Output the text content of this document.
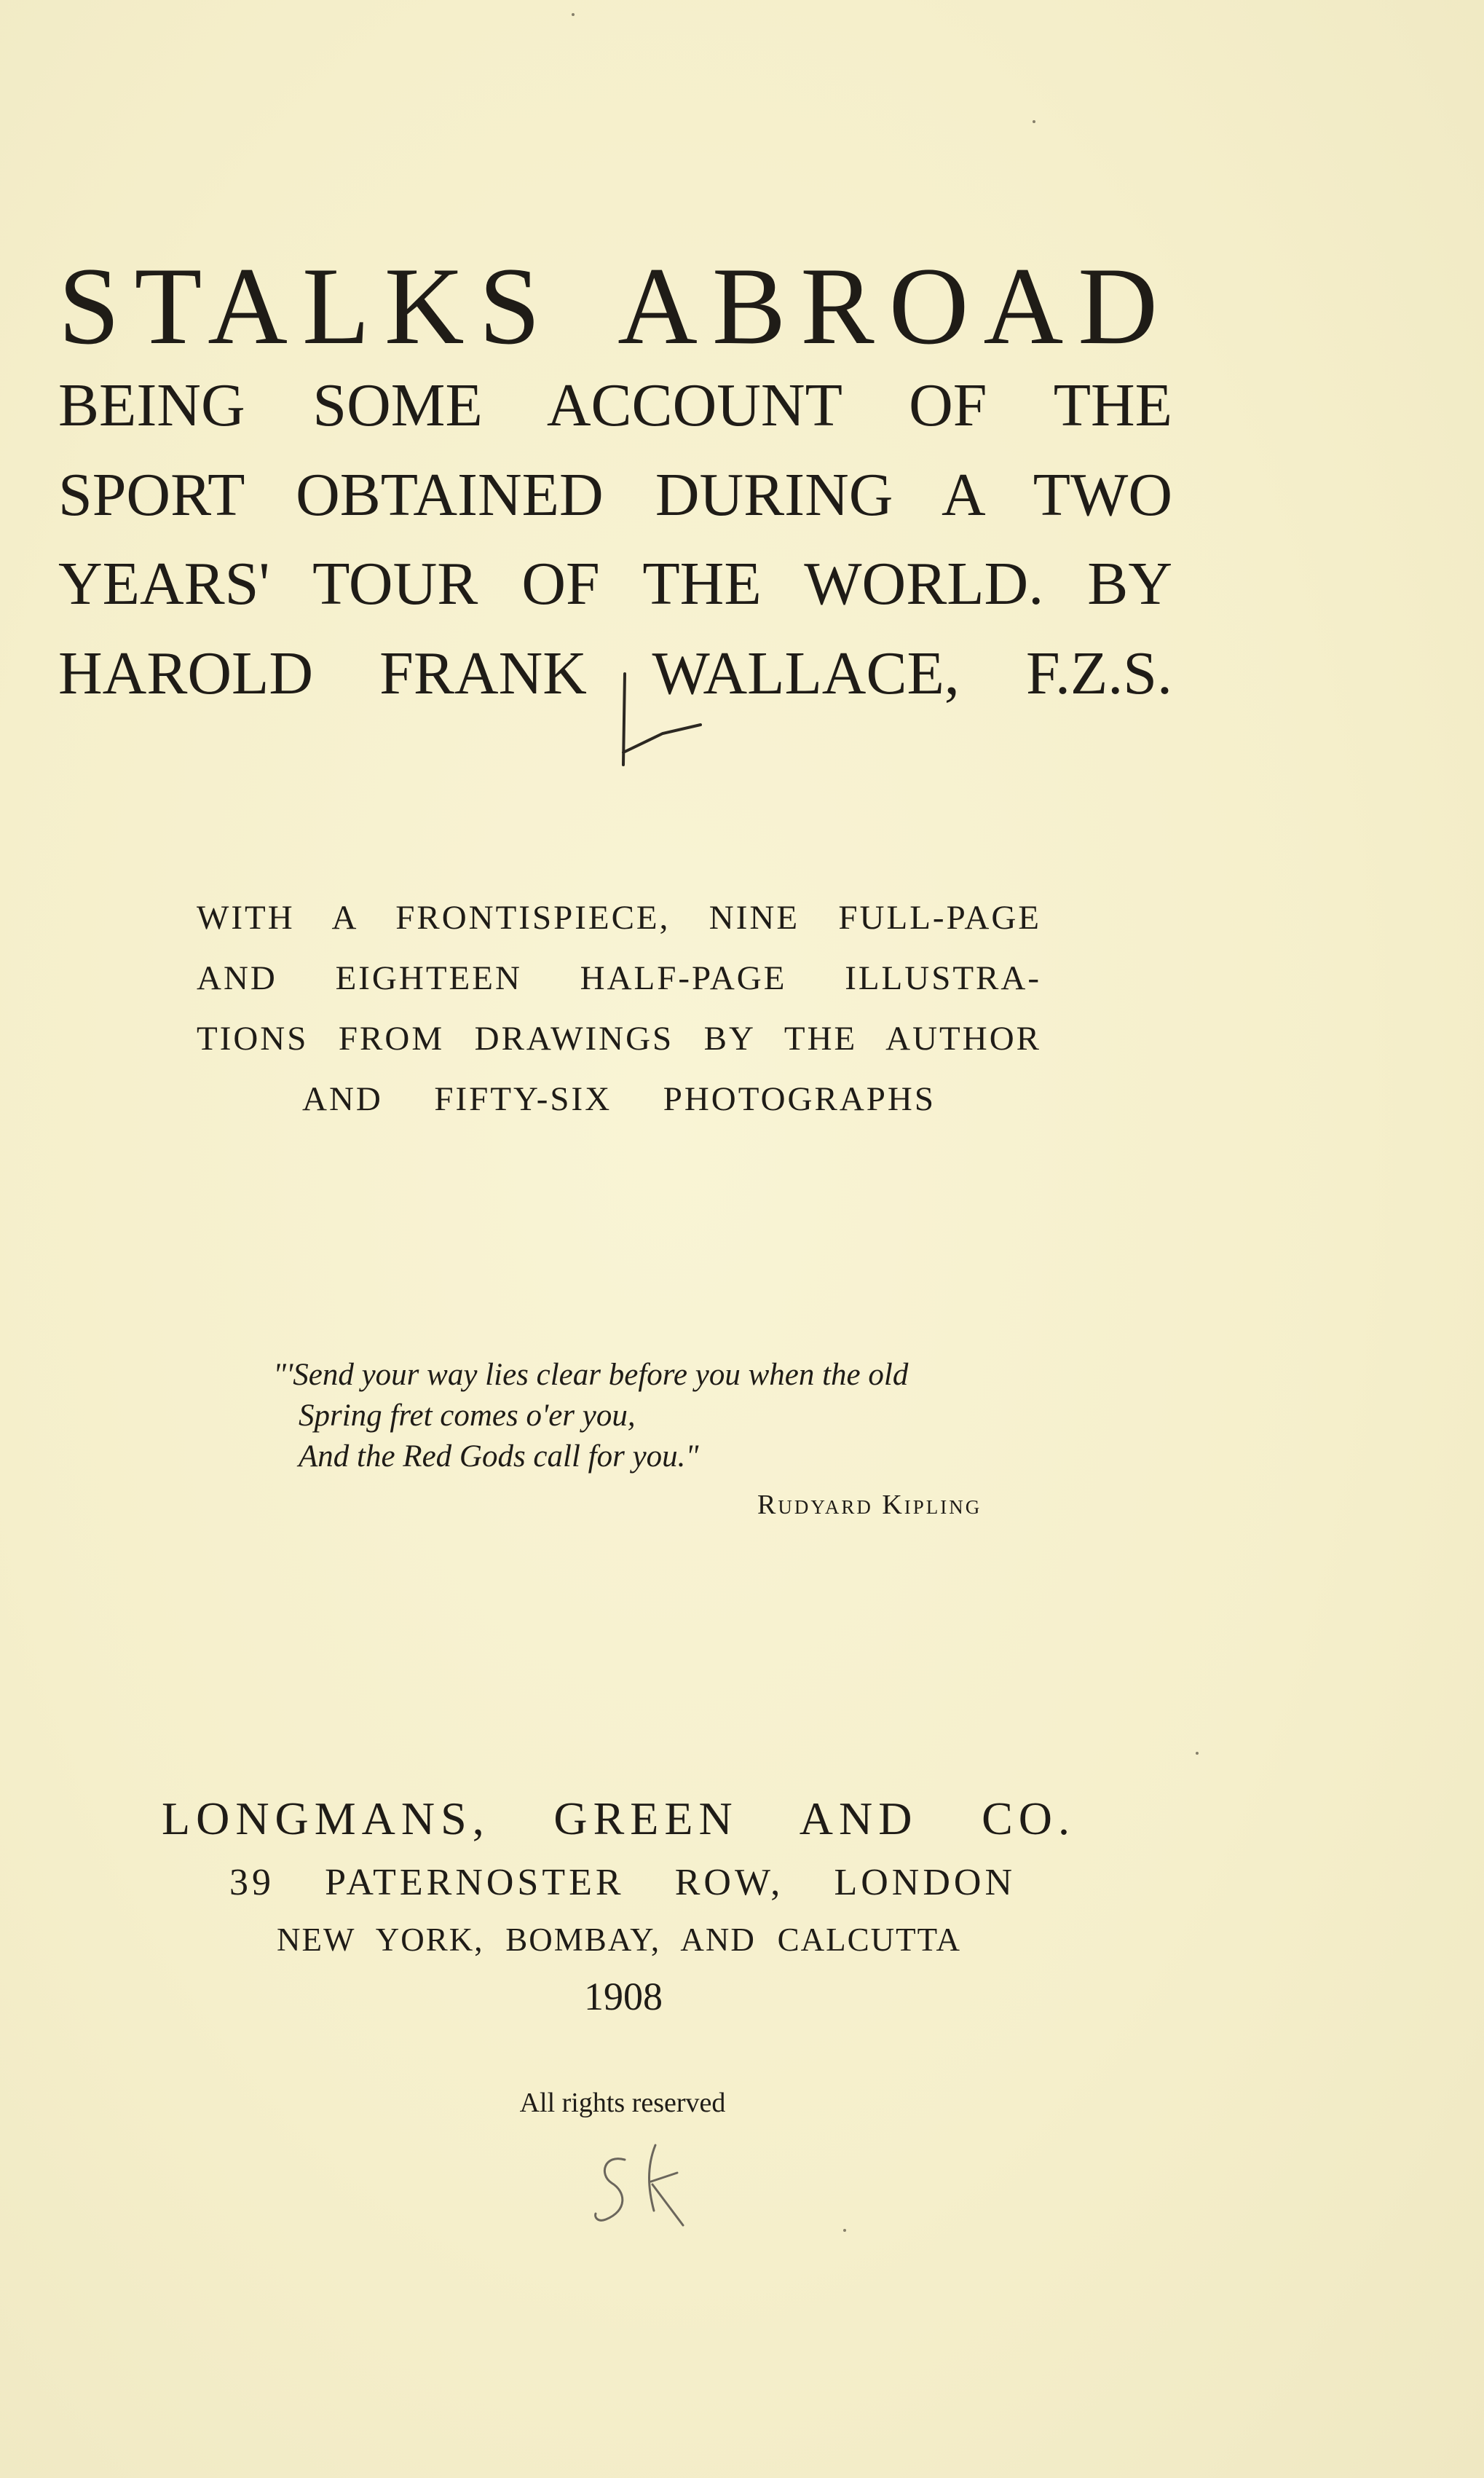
STALKS ABROAD
BEING SOME ACCOUNT OF THE
SPORT OBTAINED DURING A TWO
YEARS' TOUR OF THE WORLD. BY
HAROLD FRANK WALLACE, F.Z.S.
WITH A FRONTISPIECE, NINE FULL-PAGE
AND EIGHTEEN HALF-PAGE ILLUSTRA-
TIONS FROM DRAWINGS BY THE AUTHOR
AND FIFTY-SIX PHOTOGRAPHS
"'Send your way lies clear before you when the old
Spring fret comes o'er you,
And the Red Gods call for you."
Rudyard Kipling
LONGMANS, GREEN AND CO.
39 PATERNOSTER ROW, LONDON
NEW YORK, BOMBAY, AND CALCUTTA
1908
All rights reserved
